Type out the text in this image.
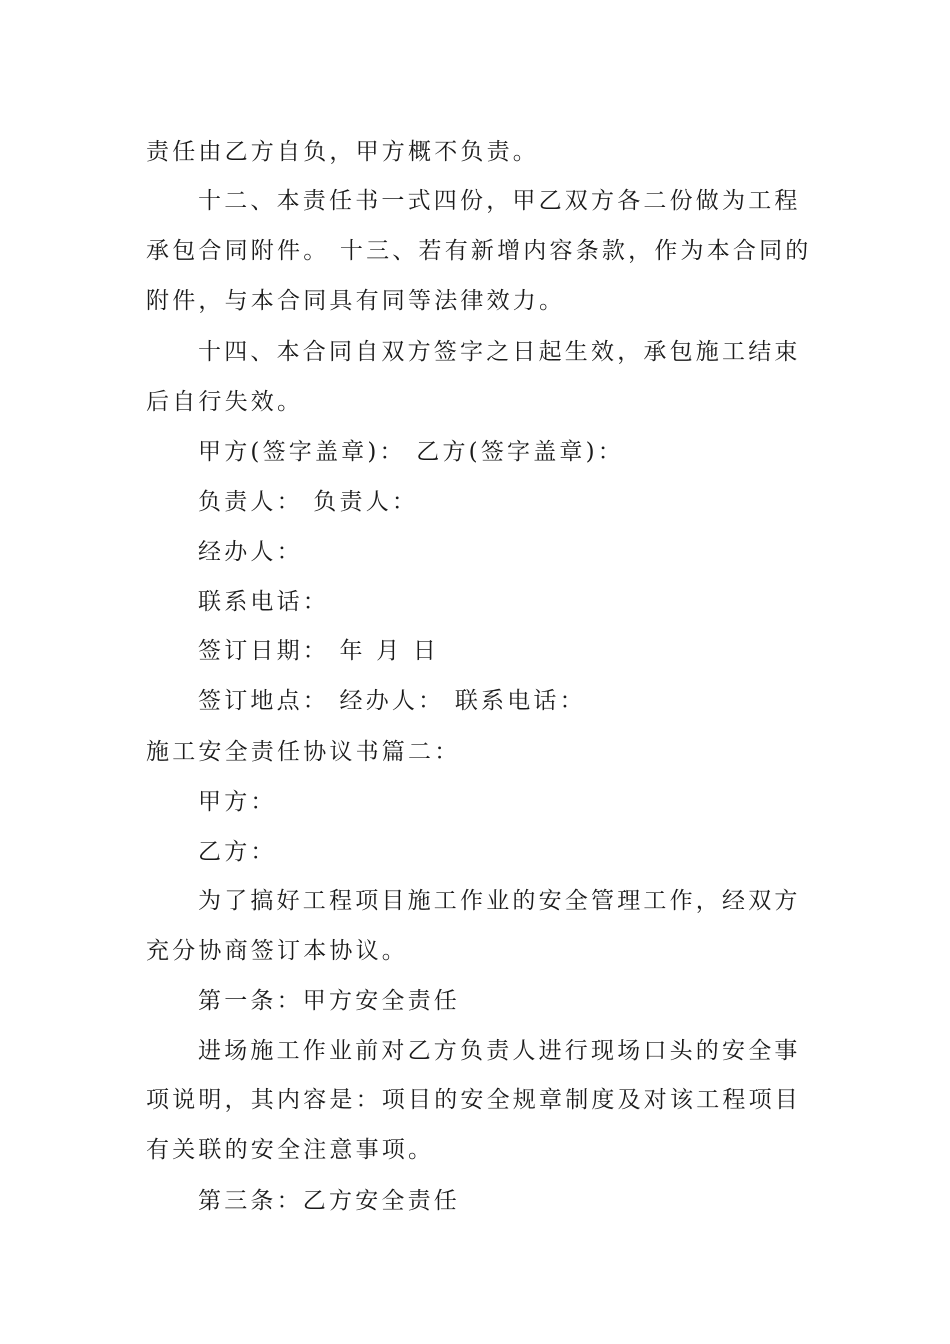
责任由乙方自负，甲方概不负责。
十二、本责任书一式四份，甲乙双方各二份做为工程
承包合同附件。 十三、若有新增内容条款，作为本合同的
附件，与本合同具有同等法律效力。
十四、本合同自双方签字之日起生效，承包施工结束
后自行失效。
甲方(签字盖章)： 乙方(签字盖章)：
负责人： 负责人：
经办人：
联系电话：
签订日期： 年 月 日
签订地点： 经办人： 联系电话：
施工安全责任协议书篇二：
甲方：
乙方：
为了搞好工程项目施工作业的安全管理工作，经双方
充分协商签订本协议。
第一条：甲方安全责任
进场施工作业前对乙方负责人进行现场口头的安全事
项说明，其内容是：项目的安全规章制度及对该工程项目
有关联的安全注意事项。
第三条：乙方安全责任
